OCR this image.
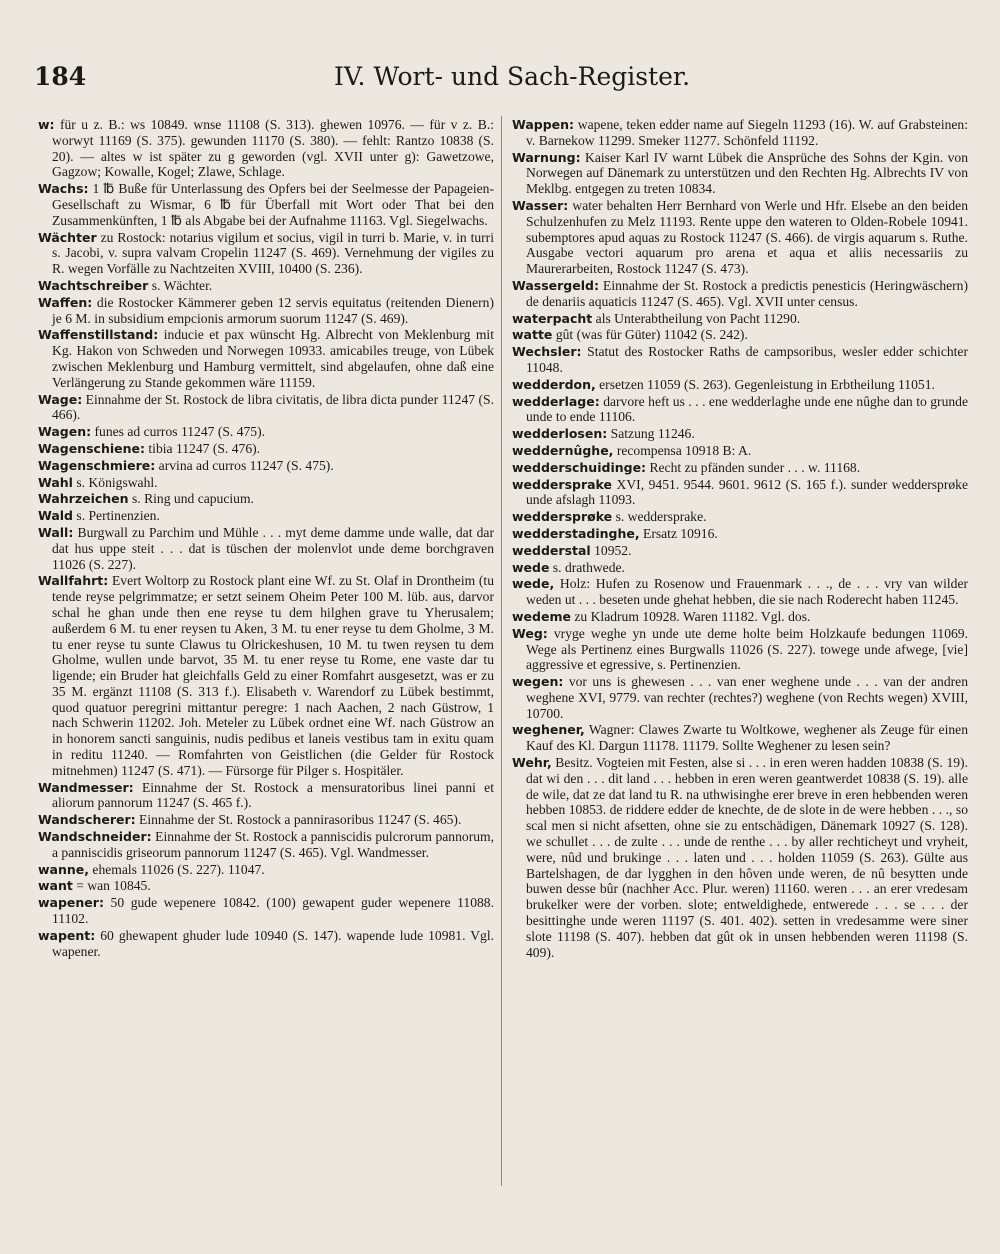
184	IV. Wort- und Sach-Register.

w: für u z. B.: ws 10849. wnse 11108 (S. 313). ghewen 10976. — für v z. B.: worwyt 11169 (S. 375). gewunden 11170 (S. 380). — fehlt: Rantzo 10838 (S. 20). — altes w ist später zu g geworden (vgl. XVII unter g): Gawetzowe, Gagzow; Kowalle, Kogel; Zlawe, Schlage.

Wachs: 1 ℔ Buße für Unterlassung des Opfers bei der Seelmesse der Papageien-Gesellschaft zu Wismar, 6 ℔ für Überfall mit Wort oder That bei den Zusammenkünften, 1 ℔ als Abgabe bei der Aufnahme 11163. Vgl. Siegelwachs.

Wächter zu Rostock: notarius vigilum et socius, vigil in turri b. Marie, v. in turri s. Jacobi, v. supra valvam Cropelin 11247 (S. 469). Vernehmung der vigiles zu R. wegen Vorfälle zu Nachtzeiten XVIII, 10400 (S. 236).

Wachtschreiber s. Wächter.

Waffen: die Rostocker Kämmerer geben 12 servis equitatus (reitenden Dienern) je 6 M. in subsidium empcionis armorum suorum 11247 (S. 469).

Waffenstillstand: inducie et pax wünscht Hg. Albrecht von Meklenburg mit Kg. Hakon von Schweden und Norwegen 10933. amicabiles treuge, von Lübek zwischen Meklenburg und Hamburg vermittelt, sind abgelaufen, ohne daß eine Verlängerung zu Stande gekommen wäre 11159.

Wage: Einnahme der St. Rostock de libra civitatis, de libra dicta punder 11247 (S. 466).

Wagen: funes ad curros 11247 (S. 475).

Wagenschiene: tibia 11247 (S. 476).

Wagenschmiere: arvina ad curros 11247 (S. 475).

Wahl s. Königswahl.

Wahrzeichen s. Ring und capucium.

Wald s. Pertinenzien.

Wall: Burgwall zu Parchim und Mühle . . . myt deme damme unde walle, dat dar dat hus uppe steit . . . dat is tüschen der molenvlot unde deme borchgraven 11026 (S. 227).

Wallfahrt: Evert Woltorp zu Rostock plant eine Wf. zu St. Olaf in Drontheim (tu tende reyse pelgrimmatze; er setzt seinem Oheim Peter 100 M. lüb. aus, darvor schal he ghan unde then ene reyse tu dem hilghen grave tu Yherusalem; außerdem 6 M. tu ener reysen tu Aken, 3 M. tu ener reyse tu dem Gholme, 3 M. tu ener reyse tu sunte Clawus tu Olrickeshusen, 10 M. tu twen reysen tu dem Gholme, wullen unde barvot, 35 M. tu ener reyse tu Rome, ene vaste dar tu ligende; ein Bruder hat gleichfalls Geld zu einer Romfahrt ausgesetzt, was er zu 35 M. ergänzt 11108 (S. 313 f.). Elisabeth v. Warendorf zu Lübek bestimmt, quod quatuor peregrini mittantur peregre: 1 nach Aachen, 2 nach Güstrow, 1 nach Schwerin 11202. Joh. Meteler zu Lübek ordnet eine Wf. nach Güstrow an in honorem sancti sanguinis, nudis pedibus et laneis vestibus tam in exitu quam in reditu 11240. — Romfahrten von Geistlichen (die Gelder für Rostock mitnehmen) 11247 (S. 471). — Fürsorge für Pilger s. Hospitäler.

Wandmesser: Einnahme der St. Rostock a mensuratoribus linei panni et aliorum pannorum 11247 (S. 465 f.).

Wandscherer: Einnahme der St. Rostock a pannirasoribus 11247 (S. 465).

Wandschneider: Einnahme der St. Rostock a panniscidis pulcrorum pannorum, a panniscidis griseorum pannorum 11247 (S. 465). Vgl. Wandmesser.

wanne, ehemals 11026 (S. 227). 11047.

want = wan 10845.

wapener: 50 gude wepenere 10842. (100) gewapent guder wepenere 11088. 11102.

wapent: 60 ghewapent ghuder lude 10940 (S. 147). wapende lude 10981. Vgl. wapener.

Wappen: wapene, teken edder name auf Siegeln 11293 (16). W. auf Grabsteinen: v. Barnekow 11299. Smeker 11277. Schönfeld 11192.

Warnung: Kaiser Karl IV warnt Lübek die Ansprüche des Sohns der Kgin. von Norwegen auf Dänemark zu unterstützen und den Rechten Hg. Albrechts IV von Meklbg. entgegen zu treten 10834.

Wasser: water behalten Herr Bernhard von Werle und Hfr. Elsebe an den beiden Schulzenhufen zu Melz 11193. Rente uppe den wateren to Olden-Robele 10941. subemptores apud aquas zu Rostock 11247 (S. 466). de virgis aquarum s. Ruthe. Ausgabe vectori aquarum pro arena et aqua et aliis necessariis zu Maurerarbeiten, Rostock 11247 (S. 473).

Wassergeld: Einnahme der St. Rostock a predictis penesticis (Heringwäschern) de denariis aquaticis 11247 (S. 465). Vgl. XVII unter census.

waterpacht als Unterabtheilung von Pacht 11290.

watte gût (was für Güter) 11042 (S. 242).

Wechsler: Statut des Rostocker Raths de campsoribus, wesler edder schichter 11048.

wedderdon, ersetzen 11059 (S. 263). Gegenleistung in Erbtheilung 11051.

wedderlage: darvore heft us . . . ene wedderlaghe unde ene nûghe dan to grunde unde to ende 11106.

wedderlosen: Satzung 11246.

weddernûghe, recompensa 10918 B: A.

wedderschuidinge: Recht zu pfänden sunder . . . w. 11168.

weddersprake XVI, 9451. 9544. 9601. 9612 (S. 165 f.). sunder weddersprøke unde afslagh 11093.

weddersprøke s. weddersprake.

wedderstadinghe, Ersatz 10916.

wedderstal 10952.

wede s. drathwede.

wede, Holz: Hufen zu Rosenow und Frauenmark . . ., de . . . vry van wilder weden ut . . . beseten unde ghehat hebben, die sie nach Roderecht haben 11245.

wedeme zu Kladrum 10928. Waren 11182. Vgl. dos.

Weg: vryge weghe yn unde ute deme holte beim Holzkaufe bedungen 11069. Wege als Pertinenz eines Burgwalls 11026 (S. 227). towege unde afwege, [vie] aggressive et egressive, s. Pertinenzien.

wegen: vor uns is ghewesen . . . van ener weghene unde . . . van der andren weghene XVI, 9779. van rechter (rechtes?) weghene (von Rechts wegen) XVIII, 10700.

weghener, Wagner: Clawes Zwarte tu Woltkowe, weghener als Zeuge für einen Kauf des Kl. Dargun 11178. 11179. Sollte Weghener zu lesen sein?

Wehr, Besitz. Vogteien mit Festen, alse si . . . in eren weren hadden 10838 (S. 19). dat wi den . . . dit land . . . hebben in eren weren geantwerdet 10838 (S. 19). alle de wile, dat ze dat land tu R. na uthwisinghe erer breve in eren hebbenden weren hebben 10853. de riddere edder de knechte, de de slote in de were hebben . . ., so scal men si nicht afsetten, ohne sie zu entschädigen, Dänemark 10927 (S. 128). we schullet . . . de zulte . . . unde de renthe . . . by aller rechticheyt und vryheit, were, nûd und brukinge . . . laten und . . . holden 11059 (S. 263). Gülte aus Bartelshagen, de dar lygghen in den hôven unde weren, de nû besytten unde buwen desse bûr (nachher Acc. Plur. weren) 11160. weren . . . an erer vredesam brukelker were der vorben. slote; entweldighede, entwerede . . . se . . . der besittinghe unde weren 11197 (S. 401. 402). setten in vredesamme were siner slote 11198 (S. 407). hebben dat gût ok in unsen hebbenden weren 11198 (S. 409).
